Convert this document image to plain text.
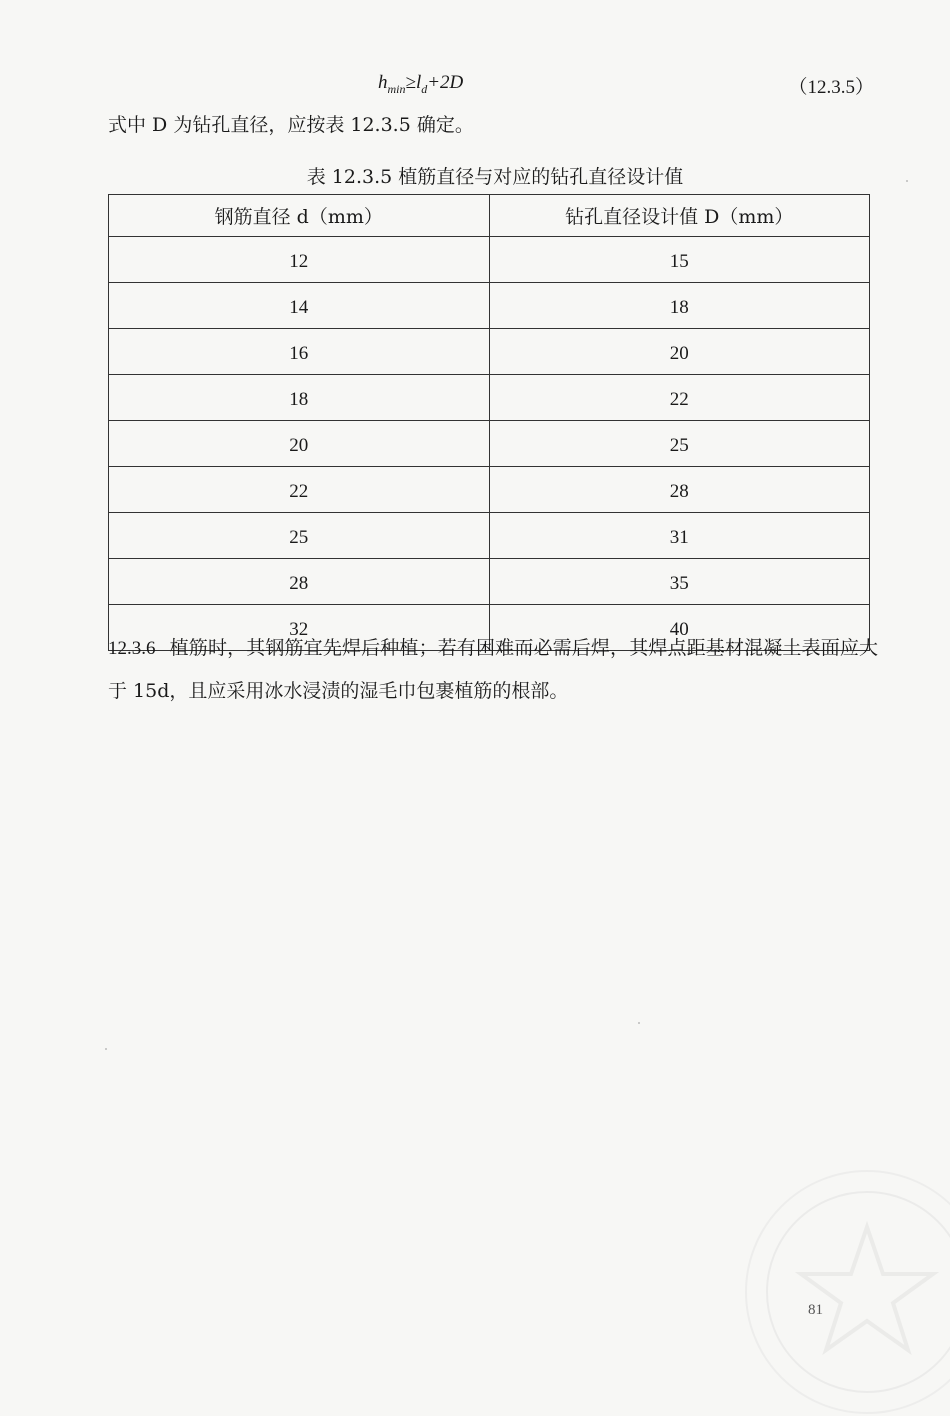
$h_{min}\ge l_d+2D$	（12.3.5）
式中 D 为钻孔直径，应按表 12.3.5 确定。
表 12.3.5 植筋直径与对应的钻孔直径设计值
钢筋直径 d（mm）	钻孔直径设计值 D（mm）
12	15
14	18
16	20
18	22
20	25
22	28
25	31
28	35
32	40
12.3.6 植筋时，其钢筋宜先焊后种植；若有困难而必需后焊，其焊点距基材混凝土表面应大于 15d，且应采用冰水浸渍的湿毛巾包裹植筋的根部。
81
